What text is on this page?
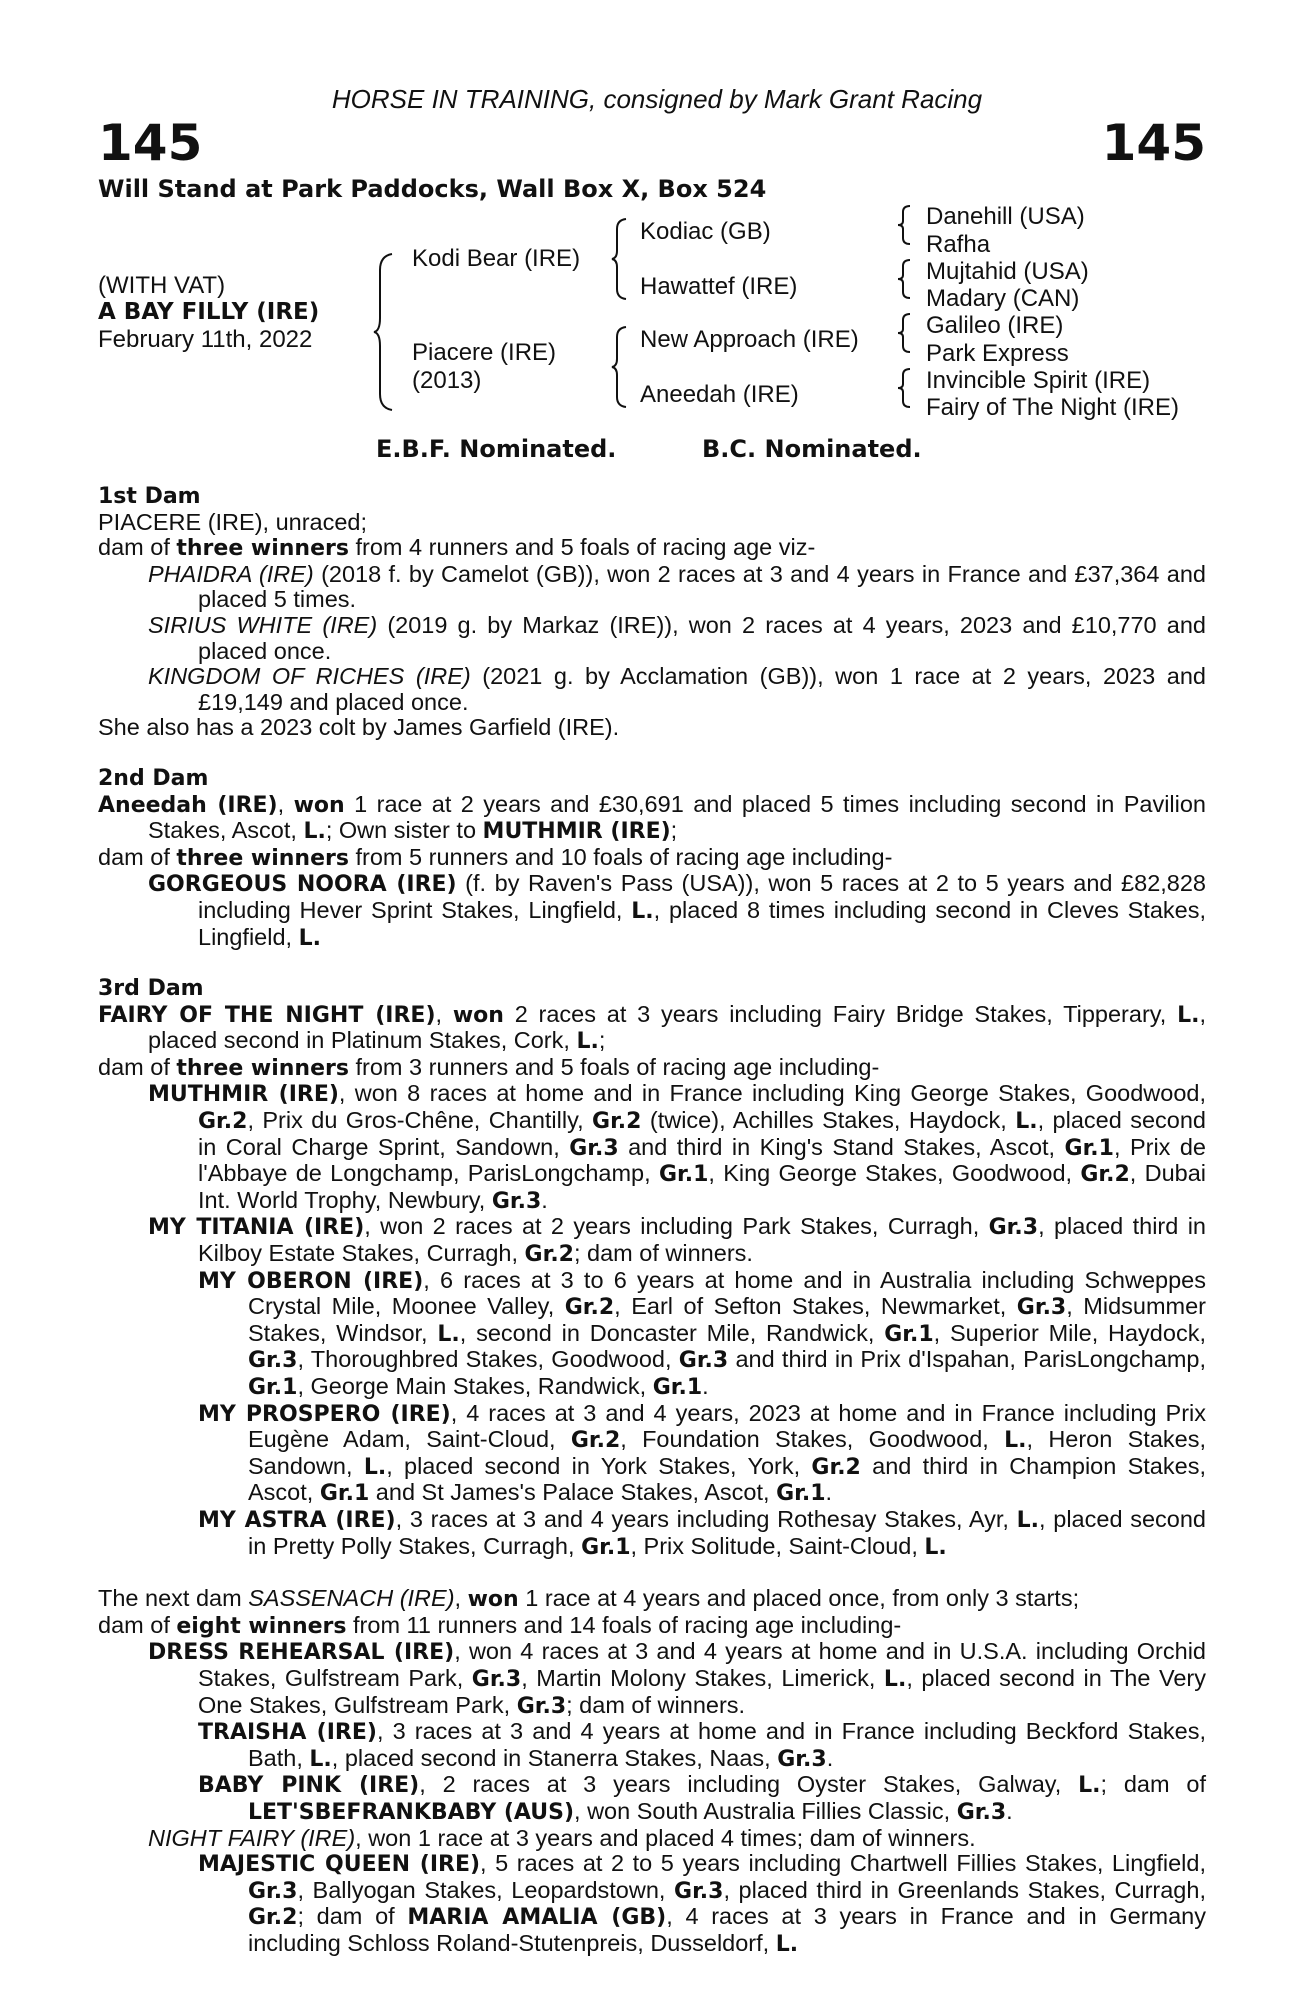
HORSE IN TRAINING, consigned by Mark Grant Racing
145	145
Will Stand at Park Paddocks, Wall Box X, Box 524
(WITH VAT)
A BAY FILLY (IRE)
February 11th, 2022
Kodi Bear (IRE)
Piacere (IRE)
(2013)
Kodiac (GB)
Hawattef (IRE)
New Approach (IRE)
Aneedah (IRE)
Danehill (USA)
Rafha
Mujtahid (USA)
Madary (CAN)
Galileo (IRE)
Park Express
Invincible Spirit (IRE)
Fairy of The Night (IRE)
E.B.F. Nominated.	B.C. Nominated.

1st Dam

PIACERE (IRE), unraced;

dam of three winners from 4 runners and 5 foals of racing age viz-

PHAIDRA (IRE) (2018 f. by Camelot (GB)), won 2 races at 3 and 4 years in France and £37,364 and placed 5 times.

SIRIUS WHITE (IRE) (2019 g. by Markaz (IRE)), won 2 races at 4 years, 2023 and £10,770 and placed once.

KINGDOM OF RICHES (IRE) (2021 g. by Acclamation (GB)), won 1 race at 2 years, 2023 and £19,149 and placed once.

She also has a 2023 colt by James Garfield (IRE).

2nd Dam

Aneedah (IRE), won 1 race at 2 years and £30,691 and placed 5 times including second in Pavilion Stakes, Ascot, L.; Own sister to MUTHMIR (IRE);

dam of three winners from 5 runners and 10 foals of racing age including-

GORGEOUS NOORA (IRE) (f. by Raven's Pass (USA)), won 5 races at 2 to 5 years and £82,828 including Hever Sprint Stakes, Lingfield, L., placed 8 times including second in Cleves Stakes, Lingfield, L.

3rd Dam

FAIRY OF THE NIGHT (IRE), won 2 races at 3 years including Fairy Bridge Stakes, Tipperary, L., placed second in Platinum Stakes, Cork, L.;

dam of three winners from 3 runners and 5 foals of racing age including-

MUTHMIR (IRE), won 8 races at home and in France including King George Stakes, Goodwood, Gr.2, Prix du Gros-Chêne, Chantilly, Gr.2 (twice), Achilles Stakes, Haydock, L., placed second in Coral Charge Sprint, Sandown, Gr.3 and third in King's Stand Stakes, Ascot, Gr.1, Prix de l'Abbaye de Longchamp, ParisLongchamp, Gr.1, King George Stakes, Goodwood, Gr.2, Dubai Int. World Trophy, Newbury, Gr.3.

MY TITANIA (IRE), won 2 races at 2 years including Park Stakes, Curragh, Gr.3, placed third in Kilboy Estate Stakes, Curragh, Gr.2; dam of winners.

MY OBERON (IRE), 6 races at 3 to 6 years at home and in Australia including Schweppes Crystal Mile, Moonee Valley, Gr.2, Earl of Sefton Stakes, Newmarket, Gr.3, Midsummer Stakes, Windsor, L., second in Doncaster Mile, Randwick, Gr.1, Superior Mile, Haydock, Gr.3, Thoroughbred Stakes, Goodwood, Gr.3 and third in Prix d'Ispahan, ParisLongchamp, Gr.1, George Main Stakes, Randwick, Gr.1.

MY PROSPERO (IRE), 4 races at 3 and 4 years, 2023 at home and in France including Prix Eugène Adam, Saint-Cloud, Gr.2, Foundation Stakes, Goodwood, L., Heron Stakes, Sandown, L., placed second in York Stakes, York, Gr.2 and third in Champion Stakes, Ascot, Gr.1 and St James's Palace Stakes, Ascot, Gr.1.

MY ASTRA (IRE), 3 races at 3 and 4 years including Rothesay Stakes, Ayr, L., placed second in Pretty Polly Stakes, Curragh, Gr.1, Prix Solitude, Saint-Cloud, L.

The next dam SASSENACH (IRE), won 1 race at 4 years and placed once, from only 3 starts;

dam of eight winners from 11 runners and 14 foals of racing age including-

DRESS REHEARSAL (IRE), won 4 races at 3 and 4 years at home and in U.S.A. including Orchid Stakes, Gulfstream Park, Gr.3, Martin Molony Stakes, Limerick, L., placed second in The Very One Stakes, Gulfstream Park, Gr.3; dam of winners.

TRAISHA (IRE), 3 races at 3 and 4 years at home and in France including Beckford Stakes, Bath, L., placed second in Stanerra Stakes, Naas, Gr.3.

BABY PINK (IRE), 2 races at 3 years including Oyster Stakes, Galway, L.; dam of LET'SBEFRANKBABY (AUS), won South Australia Fillies Classic, Gr.3.

NIGHT FAIRY (IRE), won 1 race at 3 years and placed 4 times; dam of winners.

MAJESTIC QUEEN (IRE), 5 races at 2 to 5 years including Chartwell Fillies Stakes, Lingfield, Gr.3, Ballyogan Stakes, Leopardstown, Gr.3, placed third in Greenlands Stakes, Curragh, Gr.2; dam of MARIA AMALIA (GB), 4 races at 3 years in France and in Germany including Schloss Roland-Stutenpreis, Dusseldorf, L.
